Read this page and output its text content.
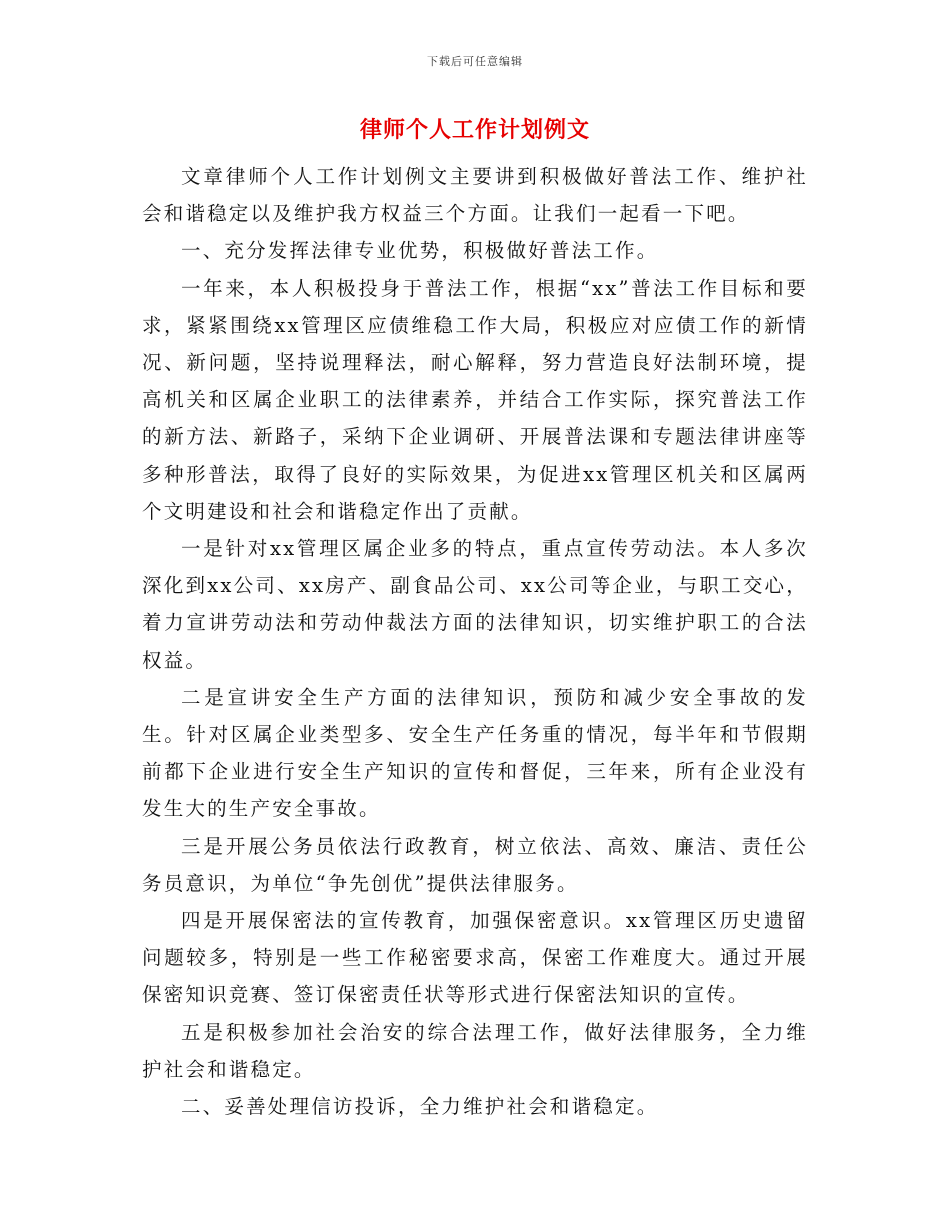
下载后可任意编辑
律师个人工作计划例文

文章律师个人工作计划例文主要讲到积极做好普法工作、维护社会和谐稳定以及维护我方权益三个方面。让我们一起看一下吧。

一、充分发挥法律专业优势，积极做好普法工作。

一年来，本人积极投身于普法工作，根据“xx”普法工作目标和要求，紧紧围绕xx管理区应债维稳工作大局，积极应对应债工作的新情况、新问题，坚持说理释法，耐心解释，努力营造良好法制环境，提高机关和区属企业职工的法律素养，并结合工作实际，探究普法工作的新方法、新路子，采纳下企业调研、开展普法课和专题法律讲座等多种形普法，取得了良好的实际效果，为促进xx管理区机关和区属两个文明建设和社会和谐稳定作出了贡献。

一是针对xx管理区属企业多的特点，重点宣传劳动法。本人多次深化到xx公司、xx房产、副食品公司、xx公司等企业，与职工交心，着力宣讲劳动法和劳动仲裁法方面的法律知识，切实维护职工的合法权益。

二是宣讲安全生产方面的法律知识，预防和减少安全事故的发生。针对区属企业类型多、安全生产任务重的情况，每半年和节假期前都下企业进行安全生产知识的宣传和督促，三年来，所有企业没有发生大的生产安全事故。

三是开展公务员依法行政教育，树立依法、高效、廉洁、责任公务员意识，为单位“争先创优”提供法律服务。

四是开展保密法的宣传教育，加强保密意识。xx管理区历史遗留问题较多，特别是一些工作秘密要求高，保密工作难度大。通过开展保密知识竞赛、签订保密责任状等形式进行保密法知识的宣传。

五是积极参加社会治安的综合法理工作，做好法律服务，全力维护社会和谐稳定。

二、妥善处理信访投诉，全力维护社会和谐稳定。
